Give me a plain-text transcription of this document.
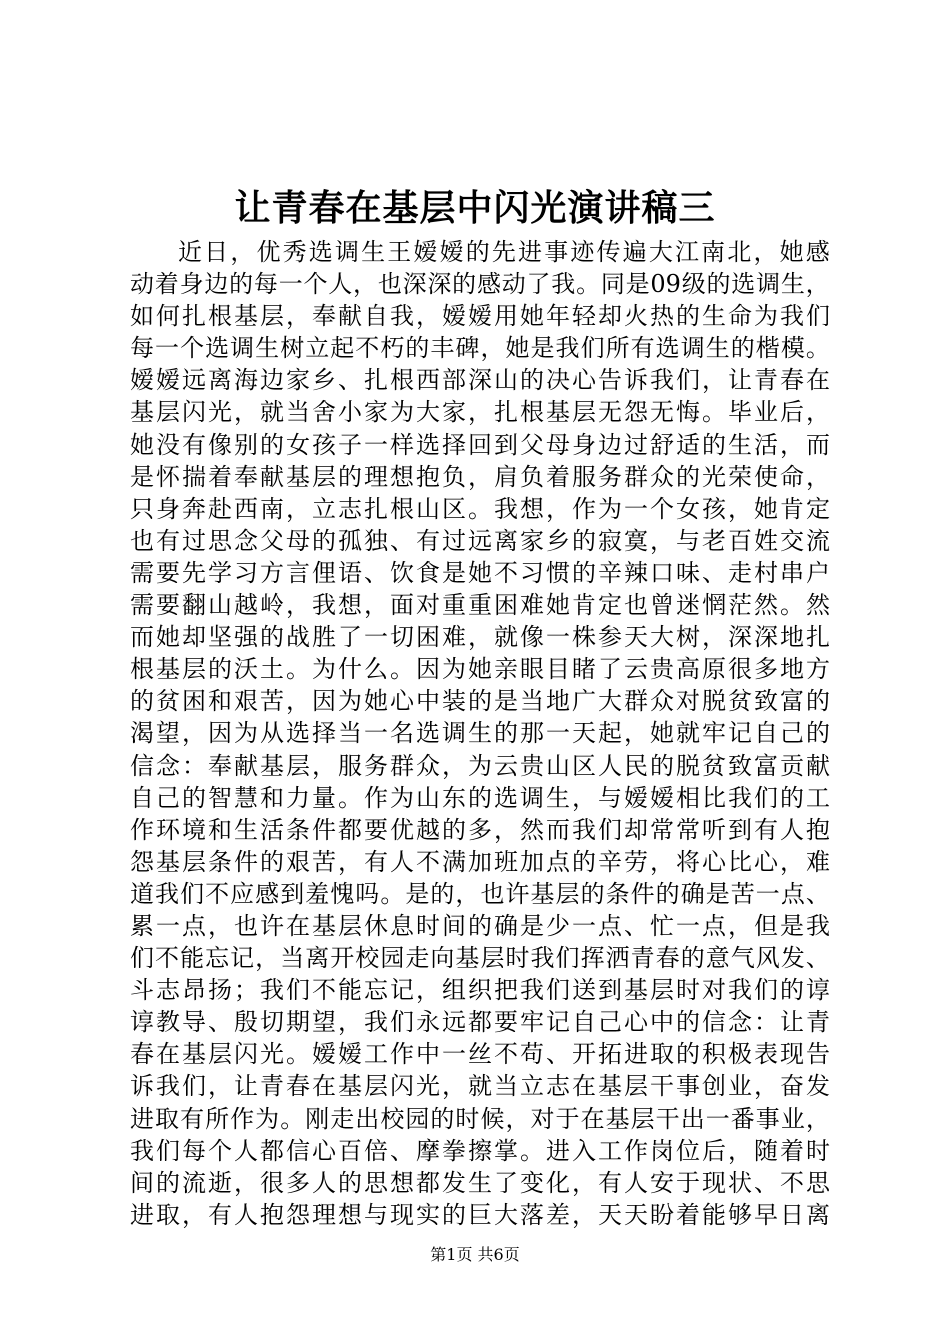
让青春在基层中闪光演讲稿三
近 日 ， 优 秀 选 调 生 王 嫒 嫒 的 先 进 事 迹 传 遍 大 江 南 北 ， 她 感
动 着 身 边 的 每 一 个 人 ， 也 深 深 的 感 动 了 我 。 同 是 09 级 的 选 调 生 ，
如 何 扎 根 基 层 ， 奉 献 自 我 ， 嫒 嫒 用 她 年 轻 却 火 热 的 生 命 为 我 们
每 一 个 选 调 生 树 立 起 不 朽 的 丰 碑 ， 她 是 我 们 所 有 选 调 生 的 楷 模 。
嫒 嫒 远 离 海 边 家 乡 、 扎 根 西 部 深 山 的 决 心 告 诉 我 们 ， 让 青 春 在
基 层 闪 光 ， 就 当 舍 小 家 为 大 家 ， 扎 根 基 层 无 怨 无 悔 。 毕 业 后 ，
她 没 有 像 别 的 女 孩 子 一 样 选 择 回 到 父 母 身 边 过 舒 适 的 生 活 ， 而
是 怀 揣 着 奉 献 基 层 的 理 想 抱 负 ， 肩 负 着 服 务 群 众 的 光 荣 使 命 ，
只 身 奔 赴 西 南 ， 立 志 扎 根 山 区 。 我 想 ， 作 为 一 个 女 孩 ， 她 肯 定
也 有 过 思 念 父 母 的 孤 独 、 有 过 远 离 家 乡 的 寂 寞 ， 与 老 百 姓 交 流
需 要 先 学 习 方 言 俚 语 、 饮 食 是 她 不 习 惯 的 辛 辣 口 味 、 走 村 串 户
需 要 翻 山 越 岭 ， 我 想 ， 面 对 重 重 困 难 她 肯 定 也 曾 迷 惘 茫 然 。 然
而 她 却 坚 强 的 战 胜 了 一 切 困 难 ， 就 像 一 株 参 天 大 树 ， 深 深 地 扎
根 基 层 的 沃 土 。 为 什 么 。 因 为 她 亲 眼 目 睹 了 云 贵 高 原 很 多 地 方
的 贫 困 和 艰 苦 ， 因 为 她 心 中 装 的 是 当 地 广 大 群 众 对 脱 贫 致 富 的
渴 望 ， 因 为 从 选 择 当 一 名 选 调 生 的 那 一 天 起 ， 她 就 牢 记 自 己 的
信 念 ： 奉 献 基 层 ， 服 务 群 众 ， 为 云 贵 山 区 人 民 的 脱 贫 致 富 贡 献
自 己 的 智 慧 和 力 量 。 作 为 山 东 的 选 调 生 ， 与 嫒 嫒 相 比 我 们 的 工
作 环 境 和 生 活 条 件 都 要 优 越 的 多 ， 然 而 我 们 却 常 常 听 到 有 人 抱
怨 基 层 条 件 的 艰 苦 ， 有 人 不 满 加 班 加 点 的 辛 劳 ， 将 心 比 心 ， 难
道 我 们 不 应 感 到 羞 愧 吗 。 是 的 ， 也 许 基 层 的 条 件 的 确 是 苦 一 点 、
累 一 点 ， 也 许 在 基 层 休 息 时 间 的 确 是 少 一 点 、 忙 一 点 ， 但 是 我
们 不 能 忘 记 ， 当 离 开 校 园 走 向 基 层 时 我 们 挥 洒 青 春 的 意 气 风 发 、
斗 志 昂 扬 ； 我 们 不 能 忘 记 ， 组 织 把 我 们 送 到 基 层 时 对 我 们 的 谆
谆 教 导 、 殷 切 期 望 ， 我 们 永 远 都 要 牢 记 自 己 心 中 的 信 念 ： 让 青
春 在 基 层 闪 光 。 嫒 嫒 工 作 中 一 丝 不 苟 、 开 拓 进 取 的 积 极 表 现 告
诉 我 们 ， 让 青 春 在 基 层 闪 光 ， 就 当 立 志 在 基 层 干 事 创 业 ， 奋 发
进 取 有 所 作 为 。 刚 走 出 校 园 的 时 候 ， 对 于 在 基 层 干 出 一 番 事 业 ，
我 们 每 个 人 都 信 心 百 倍 、 摩 拳 擦 掌 。 进 入 工 作 岗 位 后 ， 随 着 时
间 的 流 逝 ， 很 多 人 的 思 想 都 发 生 了 变 化 ， 有 人 安 于 现 状 、 不 思
进 取 ， 有 人 抱 怨 理 想 与 现 实 的 巨 大 落 差 ， 天 天 盼 着 能 够 早 日 离
第1页 共6页
